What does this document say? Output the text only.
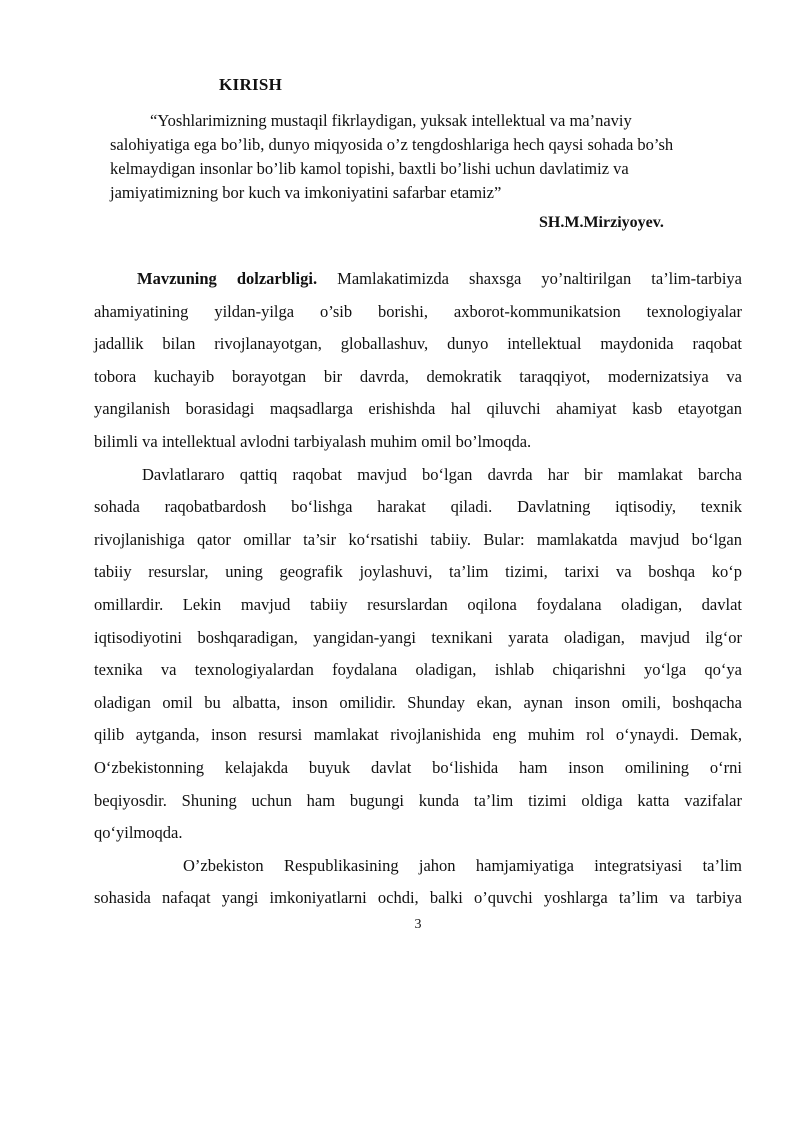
KIRISH
“Yoshlarimizning mustaqil fikrlaydigan, yuksak intellektual va ma’naviy
salohiyatiga ega bo’lib, dunyo miqyosida o’z tengdoshlariga hech qaysi sohada bo’sh
kelmaydigan insonlar bo’lib kamol topishi, baxtli bo’lishi uchun davlatimiz va
jamiyatimizning bor kuch va imkoniyatini safarbar etamiz”
SH.M.Mirziyoyev.
Mavzuning dolzarbligi. Mamlakatimizda shaxsga yo’naltirilgan ta’lim-tarbiya
ahamiyatining yildan-yilga o’sib borishi, axborot-kommunikatsion texnologiyalar
jadallik bilan rivojlanayotgan, globallashuv, dunyo intellektual maydonida raqobat
tobora kuchayib borayotgan bir davrda, demokratik taraqqiyot, modernizatsiya va
yangilanish borasidagi maqsadlarga erishishda hal qiluvchi ahamiyat kasb etayotgan
bilimli va intellektual avlodni tarbiyalash muhim omil bo’lmoqda.
Davlatlararo qattiq raqobat mavjud bo‘lgan davrda har bir mamlakat barcha
sohada raqobatbardosh bo‘lishga harakat qiladi. Davlatning iqtisodiy, texnik
rivojlanishiga qator omillar ta’sir ko‘rsatishi tabiiy. Bular: mamlakatda mavjud bo‘lgan
tabiiy resurslar, uning geografik joylashuvi, ta’lim tizimi, tarixi va boshqa ko‘p
omillardir. Lekin mavjud tabiiy resurslardan oqilona foydalana oladigan, davlat
iqtisodiyotini boshqaradigan, yangidan-yangi texnikani yarata oladigan, mavjud ilg‘or
texnika va texnologiyalardan foydalana oladigan, ishlab chiqarishni yo‘lga qo‘ya
oladigan omil bu albatta, inson omilidir. Shunday ekan, aynan inson omili, boshqacha
qilib aytganda, inson resursi mamlakat rivojlanishida eng muhim rol o‘ynaydi. Demak,
O‘zbekistonning kelajakda buyuk davlat bo‘lishida ham inson omilining o‘rni
beqiyosdir. Shuning uchun ham bugungi kunda ta’lim tizimi oldiga katta vazifalar
qo‘yilmoqda.
O’zbekiston Respublikasining jahon hamjamiyatiga integratsiyasi ta’lim
sohasida nafaqat yangi imkoniyatlarni ochdi, balki o’quvchi yoshlarga ta’lim va tarbiya
3
